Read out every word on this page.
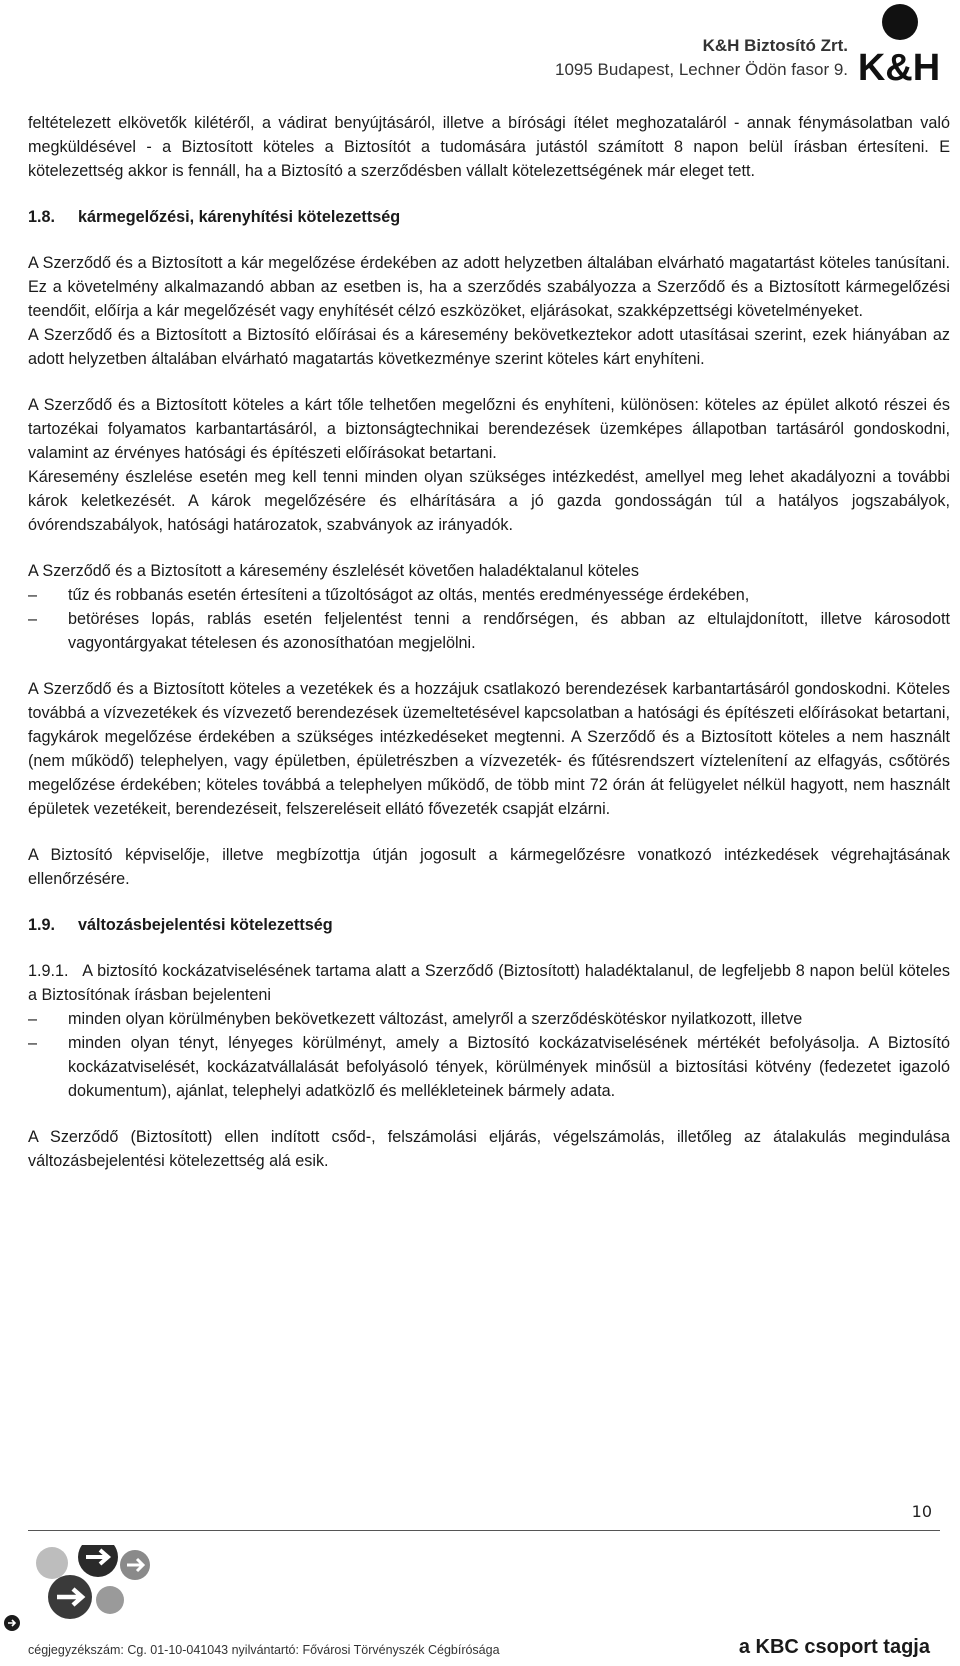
K&H Biztosító Zrt.
1095 Budapest, Lechner Ödön fasor 9. K&H

feltételezett elkövetők kilétéről, a vádirat benyújtásáról, illetve a bírósági ítélet meghozataláról - annak fénymásolatban való megküldésével - a Biztosított köteles a Biztosítót a tudomására jutástól számított 8 napon belül írásban értesíteni. E kötelezettség akkor is fennáll, ha a Biztosító a szerződésben vállalt kötelezettségének már eleget tett.

1.8.	kármegelőzési, kárenyhítési kötelezettség

A Szerződő és a Biztosított a kár megelőzése érdekében az adott helyzetben általában elvárható magatartást köteles tanúsítani. Ez a követelmény alkalmazandó abban az esetben is, ha a szerződés szabályozza a Szerződő és a Biztosított kármegelőzési teendőit, előírja a kár megelőzését vagy enyhítését célzó eszközöket, eljárásokat, szakképzettségi követelményeket.

A Szerződő és a Biztosított a Biztosító előírásai és a káresemény bekövetkeztekor adott utasításai szerint, ezek hiányában az adott helyzetben általában elvárható magatartás következménye szerint köteles kárt enyhíteni.

A Szerződő és a Biztosított köteles a kárt tőle telhetően megelőzni és enyhíteni, különösen: köteles az épület alkotó részei és tartozékai folyamatos karbantartásáról, a biztonságtechnikai berendezések üzemképes állapotban tartásáról gondoskodni, valamint az érvényes hatósági és építészeti előírásokat betartani.

Káresemény észlelése esetén meg kell tenni minden olyan szükséges intézkedést, amellyel meg lehet akadályozni a további károk keletkezését. A károk megelőzésére és elhárítására a jó gazda gondosságán túl a hatályos jogszabályok, óvórendszabályok, hatósági határozatok, szabványok az irányadók.

A Szerződő és a Biztosított a káresemény észlelését követően haladéktalanul köteles

–	tűz és robbanás esetén értesíteni a tűzoltóságot az oltás, mentés eredményessége érdekében,
–	betöréses lopás, rablás esetén feljelentést tenni a rendőrségen, és abban az eltulajdonított, illetve károsodott vagyontárgyakat tételesen és azonosíthatóan megjelölni.

A Szerződő és a Biztosított köteles a vezetékek és a hozzájuk csatlakozó berendezések karbantartásáról gondoskodni. Köteles továbbá a vízvezetékek és vízvezető berendezések üzemeltetésével kapcsolatban a hatósági és építészeti előírásokat betartani, fagykárok megelőzése érdekében a szükséges intézkedéseket megtenni. A Szerződő és a Biztosított köteles a nem használt (nem működő) telephelyen, vagy épületben, épületrészben a vízvezeték- és fűtésrendszert víztelenítení az elfagyás, csőtörés megelőzése érdekében; köteles továbbá a telephelyen működő, de több mint 72 órán át felügyelet nélkül hagyott, nem használt épületek vezetékeit, berendezéseit, felszereléseit ellátó fővezeték csapját elzárni.

A Biztosító képviselője, illetve megbízottja útján jogosult a kármegelőzésre vonatkozó intézkedések végrehajtásának ellenőrzésére.

1.9.	változásbejelentési kötelezettség

1.9.1.   A biztosító kockázatviselésének tartama alatt a Szerződő (Biztosított) haladéktalanul, de legfeljebb 8 napon belül köteles a Biztosítónak írásban bejelenteni

–	minden olyan körülményben bekövetkezett változást, amelyről a szerződéskötéskor nyilatkozott, illetve
–	minden olyan tényt, lényeges körülményt, amely a Biztosító kockázatviselésének mértékét befolyásolja. A Biztosító kockázatviselését, kockázatvállalását befolyásoló tények, körülmények minősül a biztosítási kötvény (fedezetet igazoló dokumentum), ajánlat, telephelyi adatközlő és mellékleteinek bármely adata.

A Szerződő (Biztosított) ellen indított csőd-, felszámolási eljárás, végelszámolás, illetőleg az átalakulás megindulása változásbejelentési kötelezettség alá esik.

10
cégjegyzékszám: Cg. 01-10-041043 nyilvántartó: Fővárosi Törvényszék Cégbírósága	a KBC csoport tagja
